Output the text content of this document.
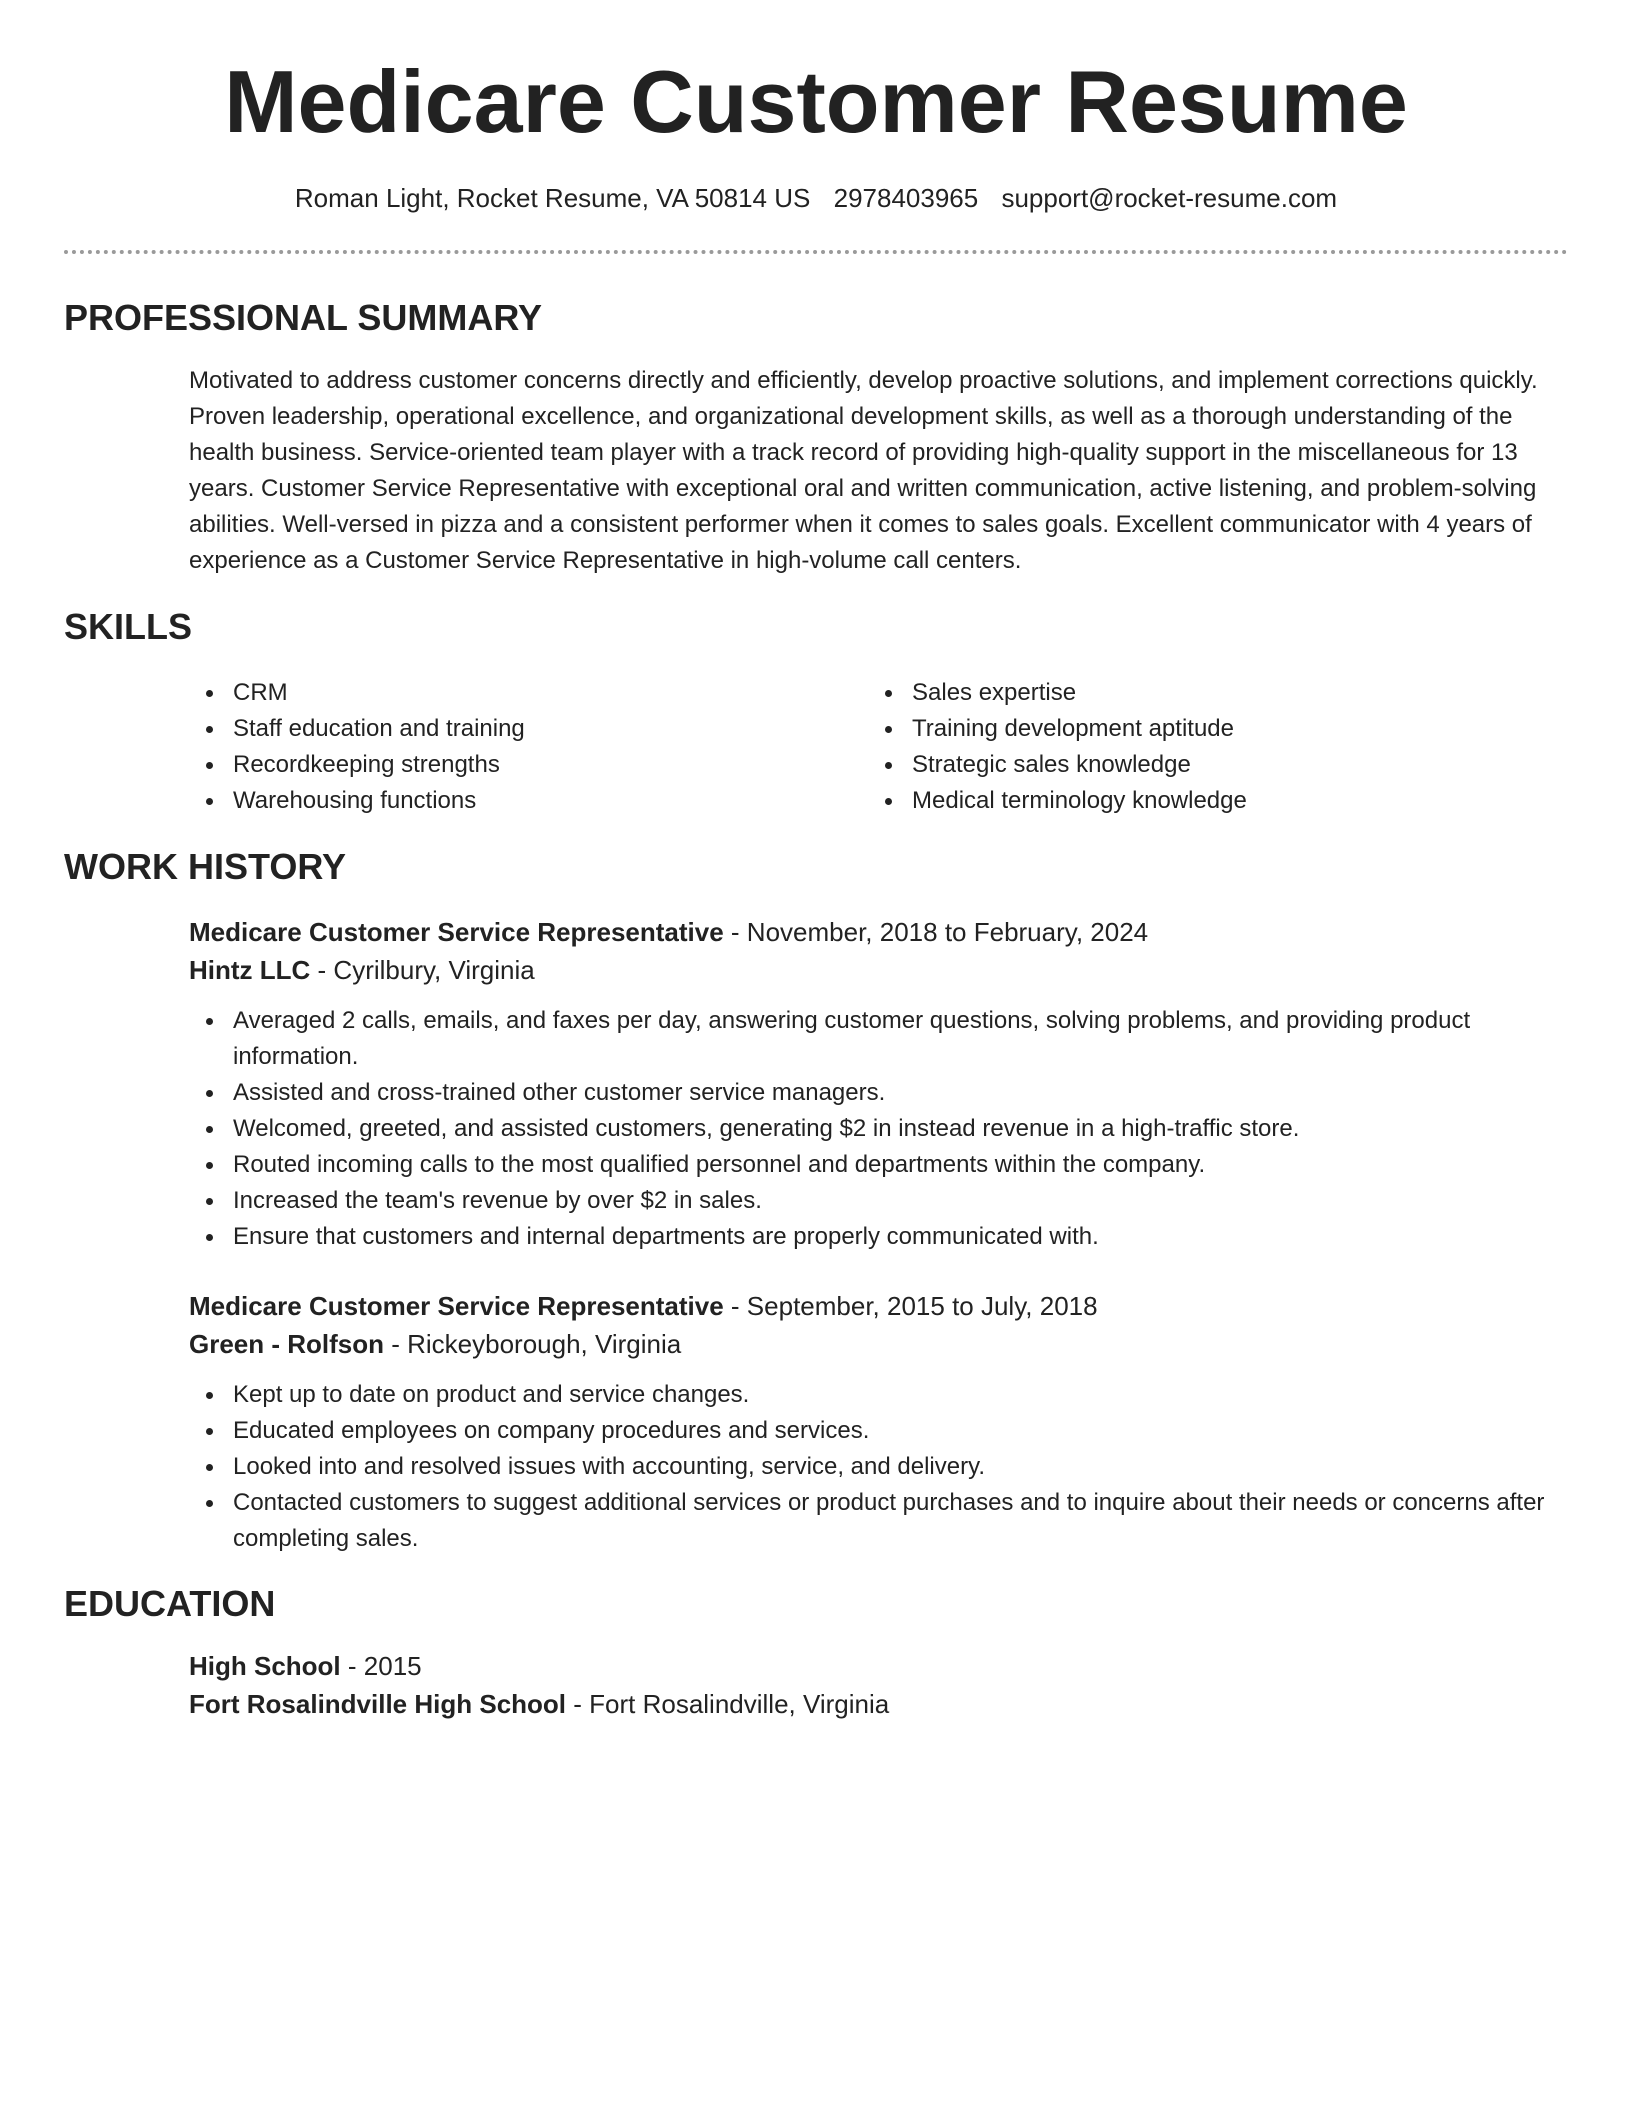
Medicare Customer Resume
Roman Light, Rocket Resume, VA 50814 US 2978403965 support@rocket-resume.com
PROFESSIONAL SUMMARY

Motivated to address customer concerns directly and efficiently, develop proactive solutions, and implement corrections quickly. Proven leadership, operational excellence, and organizational development skills, as well as a thorough understanding of the health business. Service-oriented team player with a track record of providing high-quality support in the miscellaneous for 13 years. Customer Service Representative with exceptional oral and written communication, active listening, and problem-solving abilities. Well-versed in pizza and a consistent performer when it comes to sales goals. Excellent communicator with 4 years of experience as a Customer Service Representative in high-volume call centers.

SKILLS
CRM
Staff education and training
Recordkeeping strengths
Warehousing functions
Sales expertise
Training development aptitude
Strategic sales knowledge
Medical terminology knowledge
WORK HISTORY
Medicare Customer Service Representative - November, 2018 to February, 2024
Hintz LLC - Cyrilbury, Virginia
Averaged 2 calls, emails, and faxes per day, answering customer questions, solving problems, and providing product information.
Assisted and cross-trained other customer service managers.
Welcomed, greeted, and assisted customers, generating $2 in instead revenue in a high-traffic store.
Routed incoming calls to the most qualified personnel and departments within the company.
Increased the team's revenue by over $2 in sales.
Ensure that customers and internal departments are properly communicated with.
Medicare Customer Service Representative - September, 2015 to July, 2018
Green - Rolfson - Rickeyborough, Virginia
Kept up to date on product and service changes.
Educated employees on company procedures and services.
Looked into and resolved issues with accounting, service, and delivery.
Contacted customers to suggest additional services or product purchases and to inquire about their needs or concerns after completing sales.
EDUCATION
High School - 2015
Fort Rosalindville High School - Fort Rosalindville, Virginia
